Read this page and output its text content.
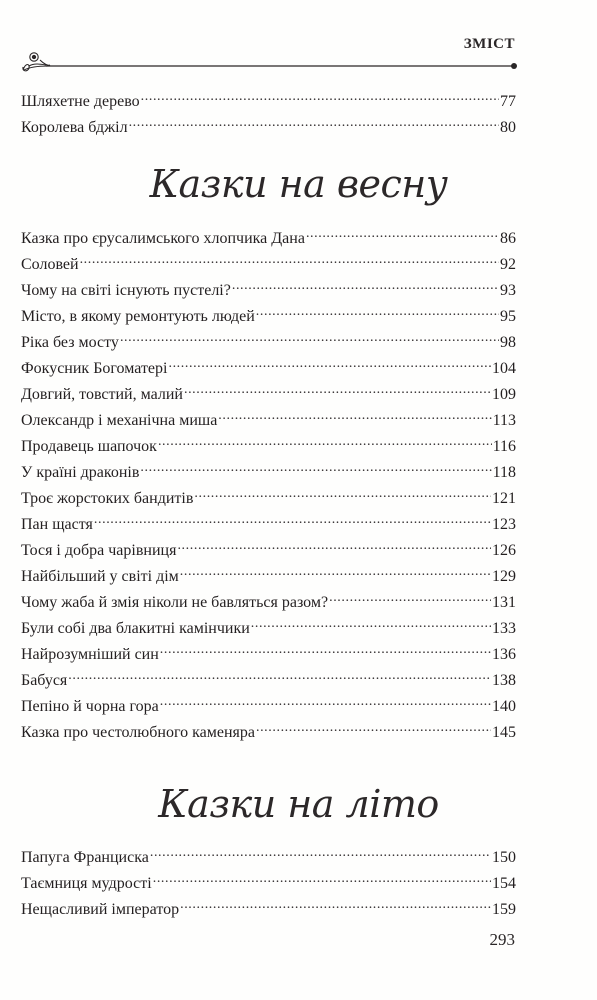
ЗМІСТ
Шляхетне дерево .....	77
Королева бджіл .....	80
Казки на весну
Казка про єрусалимського хлопчика Дана .....	86
Соловей .....	92
Чому на світі існують пустелі? .....	93
Місто, в якому ремонтують людей .....	95
Ріка без мосту .....	98
Фокусник Богоматері .....	104
Довгий, товстий, малий .....	109
Олександр і механічна миша .....	113
Продавець шапочок .....	116
У країні драконів .....	118
Троє жорстоких бандитів .....	121
Пан щастя .....	123
Тося і добра чарівниця .....	126
Найбільший у світі дім .....	129
Чому жаба й змія ніколи не бавляться разом? .....	131
Були собі два блакитні камінчики .....	133
Найрозумніший син .....	136
Бабуся .....	138
Пепіно й чорна гора .....	140
Казка про честолюбного каменяра .....	145
Казки на літо
Папуга Франциска .....	150
Таємниця мудрості .....	154
Нещасливий імператор .....	159
293
